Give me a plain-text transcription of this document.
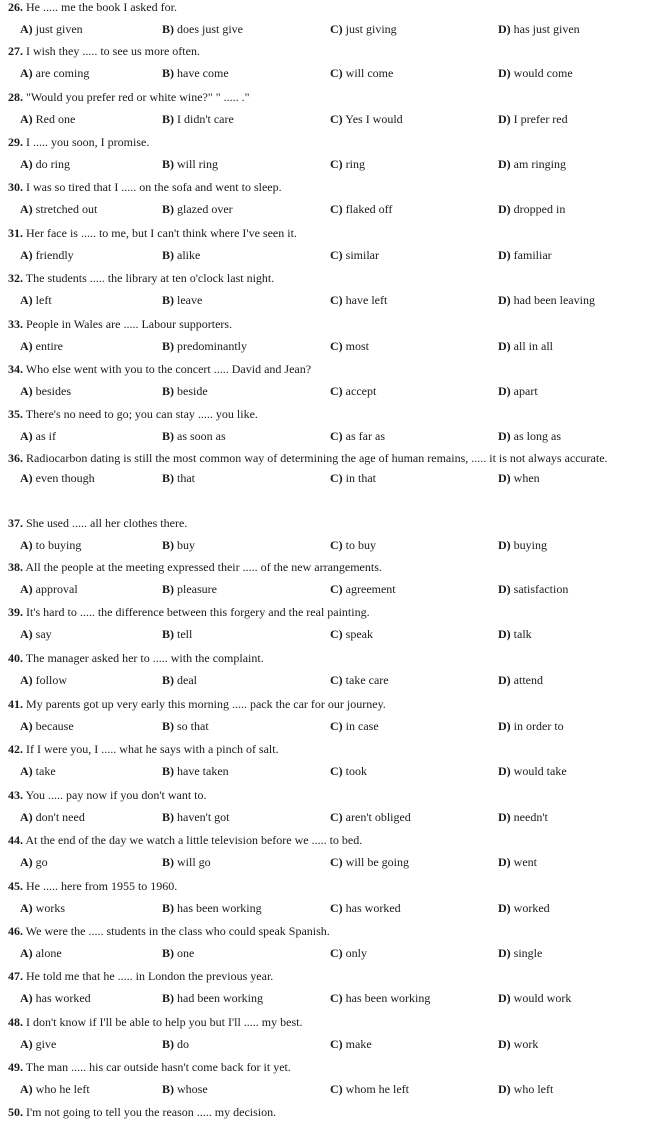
26. He ..... me the book I asked for.
A) just given	B) does just give	C) just giving	D) has just given
27. I wish they ..... to see us more often.
A) are coming	B) have come	C) will come	D) would come
28. "Would you prefer red or white wine?" " ..... ."
A) Red one	B) I didn't care	C) Yes I would	D) I prefer red
29. I ..... you soon, I promise.
A) do ring	B) will ring	C) ring	D) am ringing
30. I was so tired that I ..... on the sofa and went to sleep.
A) stretched out	B) glazed over	C) flaked off	D) dropped in
31. Her face is ..... to me, but I can't think where I've seen it.
A) friendly	B) alike	C) similar	D) familiar
32. The students ..... the library at ten o'clock last night.
A) left	B) leave	C) have left	D) had been leaving
33. People in Wales are ..... Labour supporters.
A) entire	B) predominantly	C) most	D) all in all
34. Who else went with you to the concert ..... David and Jean?
A) besides	B) beside	C) accept	D) apart
35. There's no need to go; you can stay ..... you like.
A) as if	B) as soon as	C) as far as	D) as long as
36. Radiocarbon dating is still the most common way of determining the age of human remains, ..... it is not always accurate.
A) even though	B) that	C) in that	D) when
37. She used ..... all her clothes there.
A) to buying	B) buy	C) to buy	D) buying
38. All the people at the meeting expressed their ..... of the new arrangements.
A) approval	B) pleasure	C) agreement	D) satisfaction
39. It's hard to ..... the difference between this forgery and the real painting.
A) say	B) tell	C) speak	D) talk
40. The manager asked her to ..... with the complaint.
A) follow	B) deal	C) take care	D) attend
41. My parents got up very early this morning ..... pack the car for our journey.
A) because	B) so that	C) in case	D) in order to
42. If I were you, I ..... what he says with a pinch of salt.
A) take	B) have taken	C) took	D) would take
43. You ..... pay now if you don't want to.
A) don't need	B) haven't got	C) aren't obliged	D) needn't
44. At the end of the day we watch a little television before we ..... to bed.
A) go	B) will go	C) will be going	D) went
45. He ..... here from 1955 to 1960.
A) works	B) has been working	C) has worked	D) worked
46. We were the ..... students in the class who could speak Spanish.
A) alone	B) one	C) only	D) single
47. He told me that he ..... in London the previous year.
A) has worked	B) had been working	C) has been working	D) would work
48. I don't know if I'll be able to help you but I'll ..... my best.
A) give	B) do	C) make	D) work
49. The man ..... his car outside hasn't come back for it yet.
A) who he left	B) whose	C) whom he left	D) who left
50. I'm not going to tell you the reason ..... my decision.
